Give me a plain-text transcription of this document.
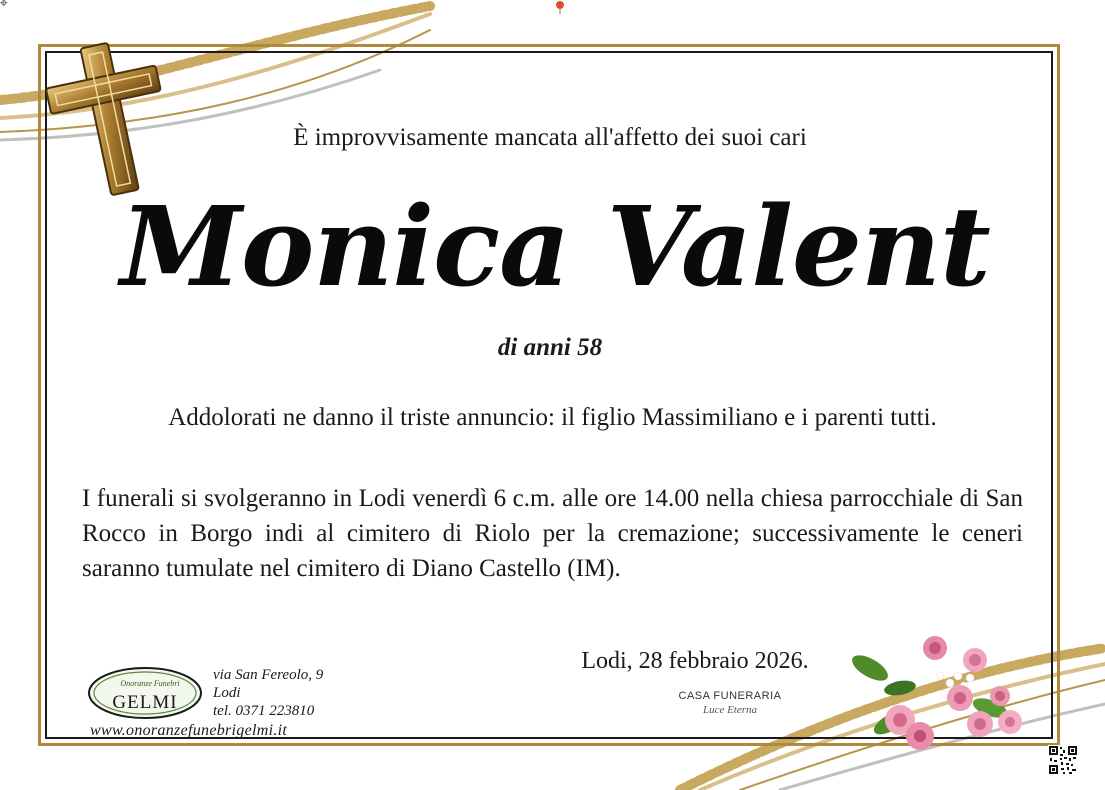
✥
È improvvisamente mancata all'affetto dei suoi cari
Monica Valent
di anni 58
Addolorati ne danno il triste annuncio: il figlio Massimiliano e i parenti tutti.

I funerali si svolgeranno in Lodi venerdì 6 c.m. alle ore 14.00 nella chiesa parrocchiale di San Rocco in Borgo indi al cimitero di Riolo per la cremazione; successivamente le ceneri saranno tumulate nel cimitero di Diano Castello (IM).

Lodi, 28 febbraio 2026.
Onoranze Funebri
GELMI
via San Fereolo, 9
Lodi
tel. 0371 223810
www.onoranzefunebrigelmi.it
CASA FUNERARIA
Luce Eterna
